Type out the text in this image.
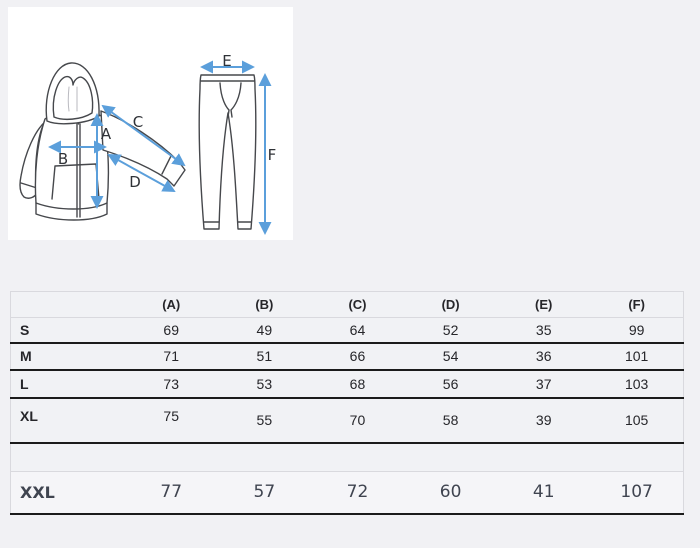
A
B
C
D
E
F
	(A)	(B)	(C)	(D)	(E)	(F)
S	69	49	64	52	35	99
M	71	51	66	54	36	101
L	73	53	68	56	37	103
XL	75	55	70	58	39	105

XXL	77	57	72	60	41	107
